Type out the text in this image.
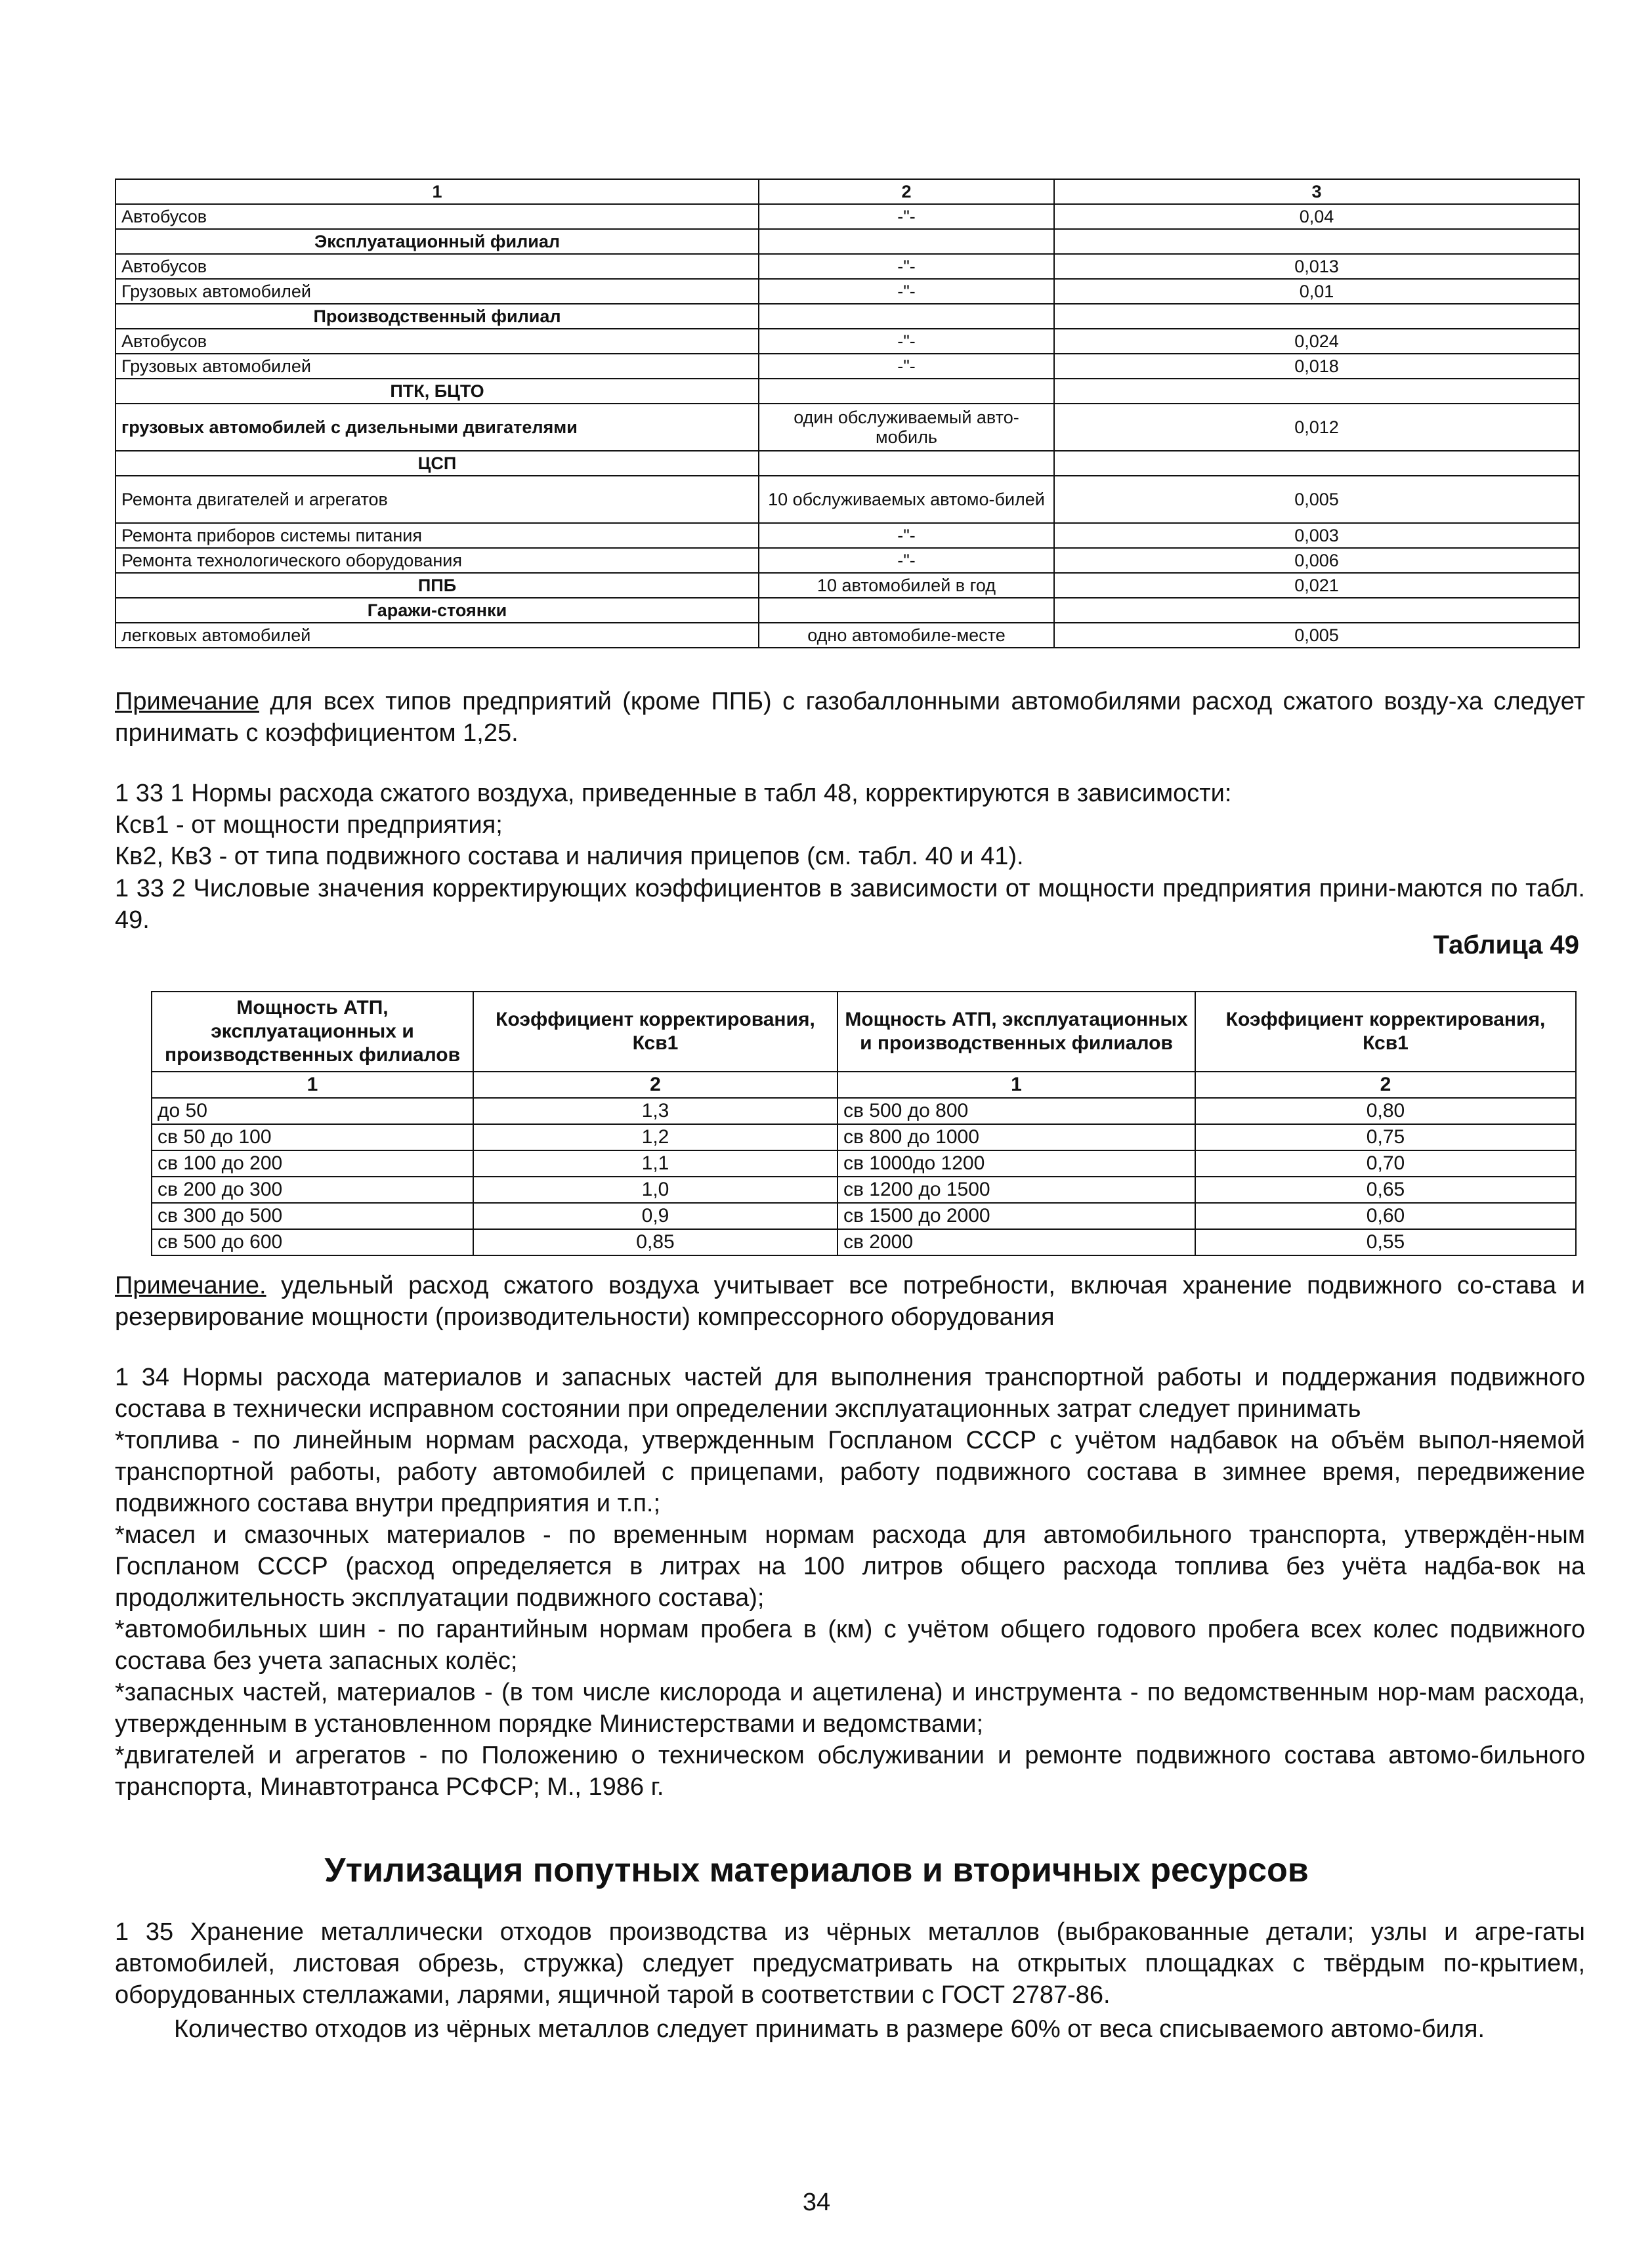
1	2	3
Автобусов	-"-	0,04
Эксплуатационный филиал		
Автобусов	-"-	0,013
Грузовых автомобилей	-"-	0,01
Производственный филиал		
Автобусов	-"-	0,024
Грузовых автомобилей	-"-	0,018
ПТК, БЦТО		
грузовых автомобилей с дизельными двигателями	один обслуживаемый авто-мобиль	0,012
ЦСП		
Ремонта двигателей и агрегатов	10 обслуживаемых автомо-билей	0,005
Ремонта приборов системы питания	-"-	0,003
Ремонта технологического оборудования	-"-	0,006
ППБ	10 автомобилей в год	0,021
Гаражи-стоянки		
легковых автомобилей	одно автомобиле-месте	0,005
Примечание для всех типов предприятий (кроме ППБ) с газобаллонными автомобилями расход сжатого возду-ха следует принимать с коэффициентом 1,25.
1 33 1 Нормы расхода сжатого воздуха, приведенные в табл 48, корректируются в зависимости:
Ксв1 - от мощности предприятия;
Кв2, Кв3 - от типа подвижного состава и наличия прицепов (см. табл. 40 и 41).
1 33 2 Числовые значения корректирующих коэффициентов в зависимости от мощности предприятия прини-маются по табл. 49.
Таблица 49
Мощность АТП, эксплуатационных и производственных филиалов	Коэффициент корректирования, Ксв1	Мощность АТП, эксплуатационных и производственных филиалов	Коэффициент корректирования, Ксв1
1	2	1	2
до 50	1,3	св 500 до 800	0,80
св 50 до 100	1,2	св 800 до 1000	0,75
св 100 до 200	1,1	св 1000до 1200	0,70
св 200 до 300	1,0	св 1200 до 1500	0,65
св 300 до 500	0,9	св 1500 до 2000	0,60
св 500 до 600	0,85	св 2000	0,55
Примечание. удельный расход сжатого воздуха учитывает все потребности, включая хранение подвижного со-става и резервирование мощности (производительности) компрессорного оборудования
1 34 Нормы расхода материалов и запасных частей для выполнения транспортной работы и поддержания подвижного состава в технически исправном состоянии при определении эксплуатационных затрат следует принимать
*топлива - по линейным нормам расхода, утвержденным Госпланом СССР с учётом надбавок на объём выпол-няемой транспортной работы, работу автомобилей с прицепами, работу подвижного состава в зимнее время, передвижение подвижного состава внутри предприятия и т.п.;
*масел и смазочных материалов - по временным нормам расхода для автомобильного транспорта, утверждён-ным Госпланом СССР (расход определяется в литрах на 100 литров общего расхода топлива без учёта надба-вок на продолжительность эксплуатации подвижного состава);
*автомобильных шин - по гарантийным нормам пробега в (км) с учётом общего годового пробега всех колес подвижного состава без учета запасных колёс;
*запасных частей, материалов - (в том числе кислорода и ацетилена) и инструмента - по ведомственным нор-мам расхода, утвержденным в установленном порядке Министерствами и ведомствами;
*двигателей и агрегатов - по Положению о техническом обслуживании и ремонте подвижного состава автомо-бильного транспорта, Минавтотранса РСФСР; М., 1986 г.
Утилизация попутных материалов и вторичных ресурсов
1 35 Хранение металлически отходов производства из чёрных металлов (выбракованные детали; узлы и агре-гаты автомобилей, листовая обрезь, стружка) следует предусматривать на открытых площадках с твёрдым по-крытием, оборудованных стеллажами, ларями, ящичной тарой в соответствии с ГОСТ 2787-86.
Количество отходов из чёрных металлов следует принимать в размере 60% от веса списываемого автомо-биля.
34
